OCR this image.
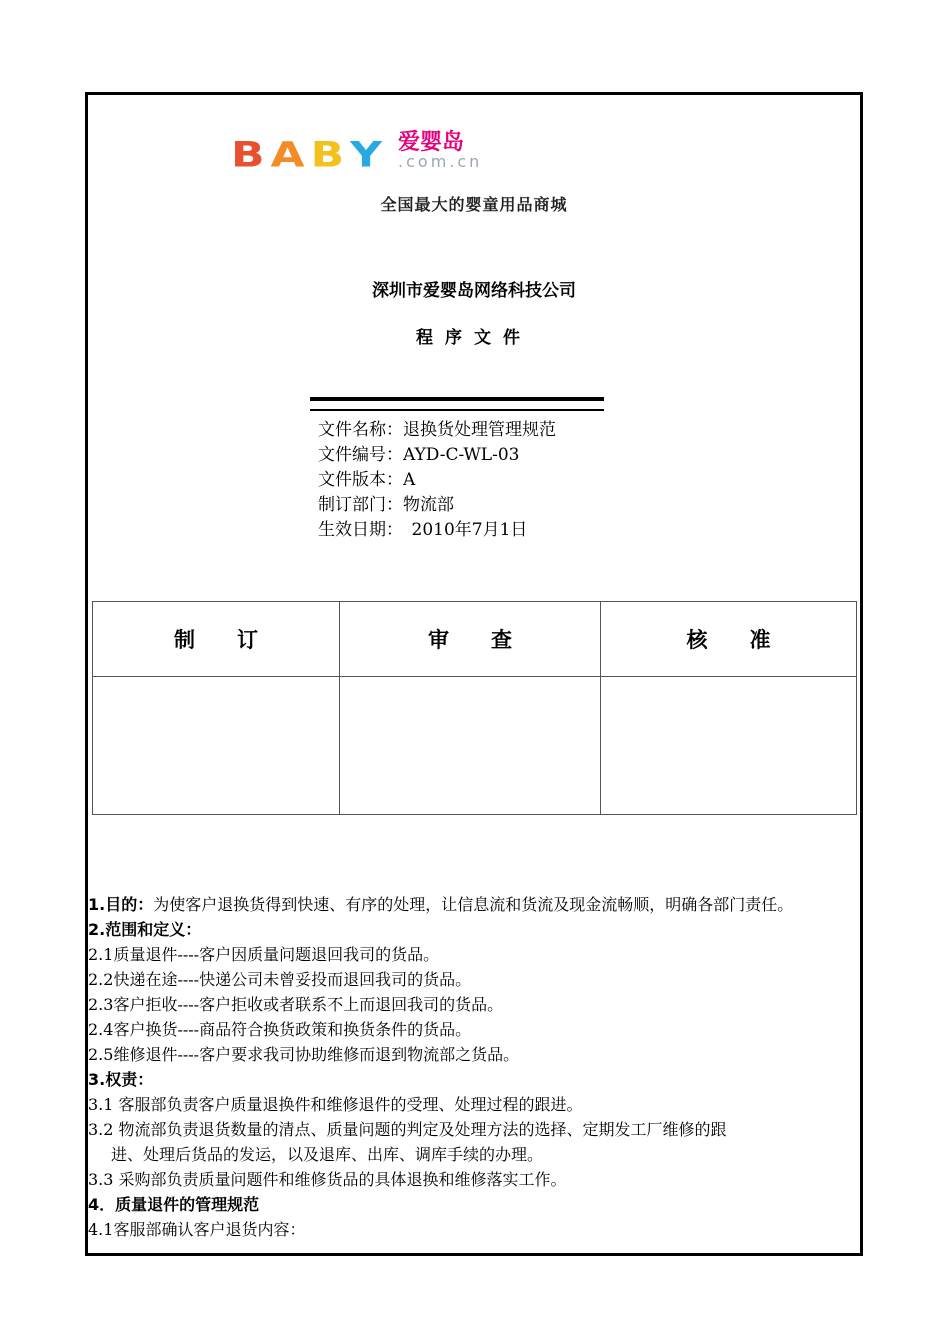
BABY 爱婴岛
.com.cn
全国最大的婴童用品商城
深圳市爱婴岛网络科技公司
程序文件
文件名称：退换货处理管理规范
文件编号：AYD-C-WL-03
文件版本：A
制订部门：物流部
生效日期：　2010年7月1日
制　　订	审　　查	核　　准

1.目的：为使客户退换货得到快速、有序的处理，让信息流和货流及现金流畅顺，明确各部门责任。

2.范围和定义：

2.1质量退件----客户因质量问题退回我司的货品。

2.2快递在途----快递公司未曾妥投而退回我司的货品。

2.3客户拒收----客户拒收或者联系不上而退回我司的货品。

2.4客户换货----商品符合换货政策和换货条件的货品。

2.5维修退件----客户要求我司协助维修而退到物流部之货品。

3.权责：

3.1 客服部负责客户质量退换件和维修退件的受理、处理过程的跟进。

3.2 物流部负责退货数量的清点、质量问题的判定及处理方法的选择、定期发工厂维修的跟

进、处理后货品的发运，以及退库、出库、调库手续的办理。

3.3 采购部负责质量问题件和维修货品的具体退换和维修落实工作。

4．质量退件的管理规范

4.1客服部确认客户退货内容：
